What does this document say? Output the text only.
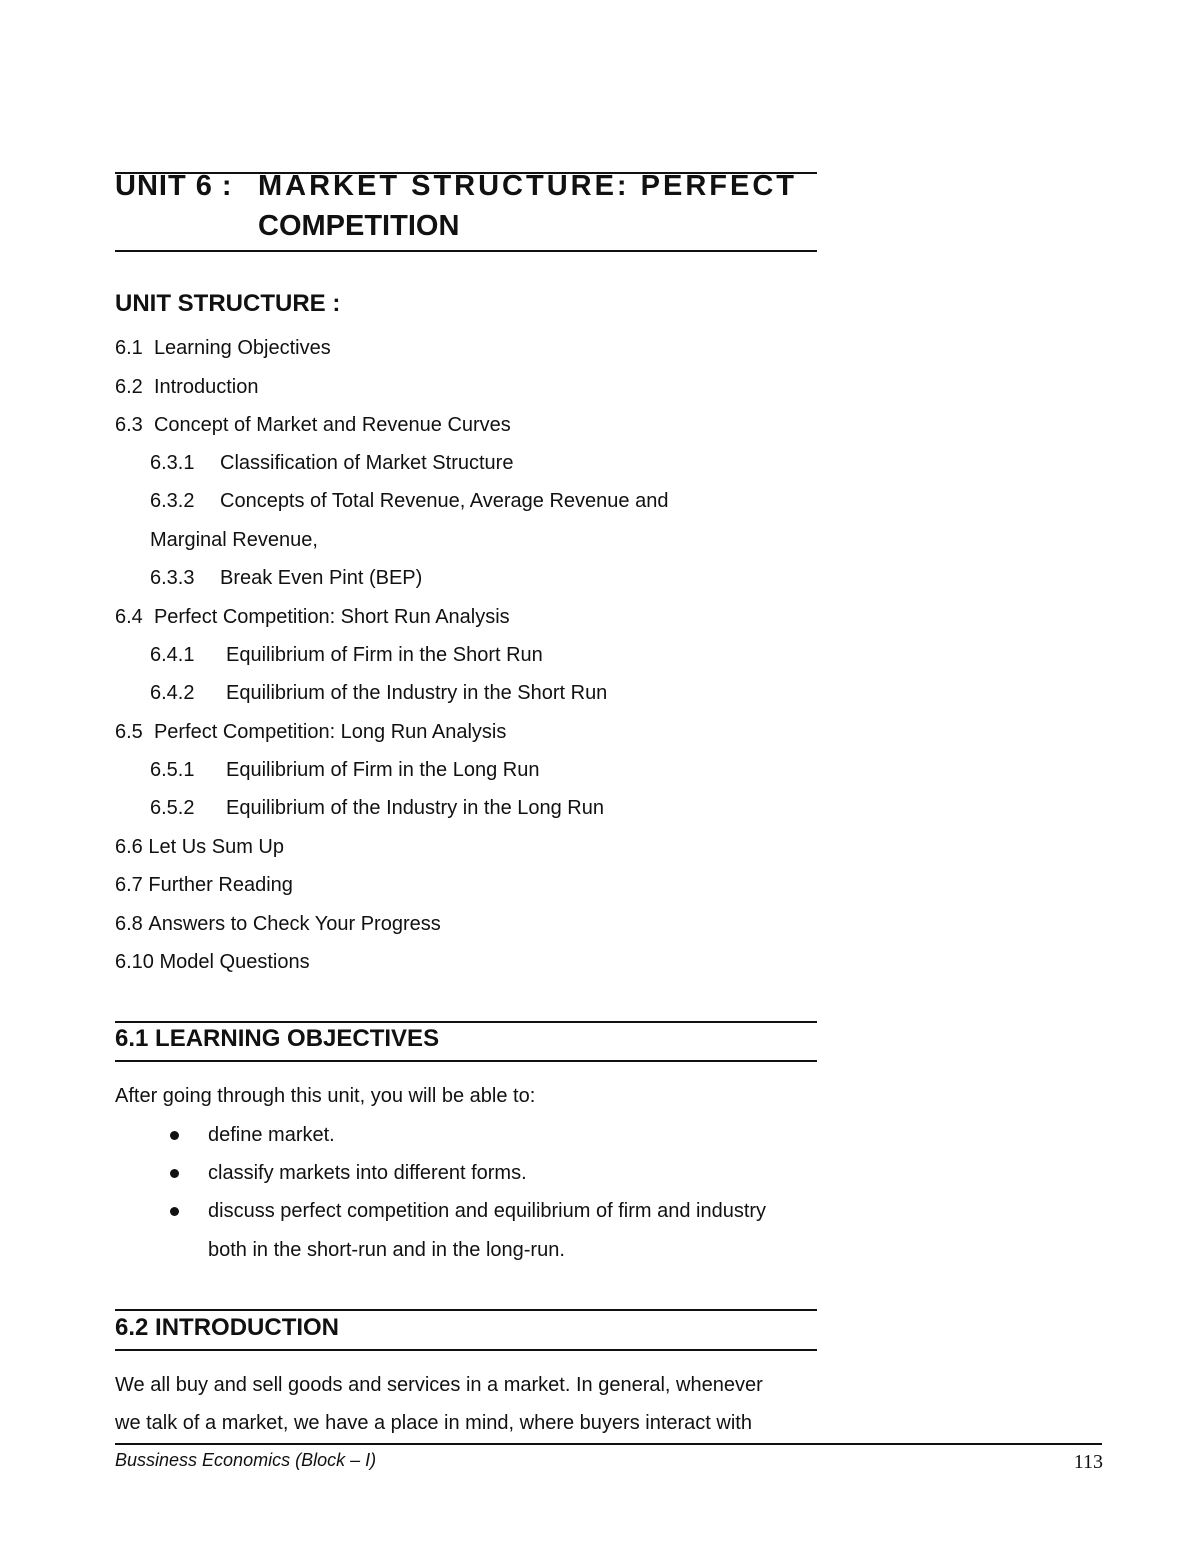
UNIT 6 : MARKET STRUCTURE: PERFECT
COMPETITION
UNIT STRUCTURE :
6.1 Learning Objectives
6.2 Introduction
6.3 Concept of Market and Revenue Curves
6.3.1 Classification of Market Structure
6.3.2 Concepts of Total Revenue, Average Revenue and
Marginal Revenue,
6.3.3 Break Even Pint (BEP)
6.4 Perfect Competition: Short Run Analysis
6.4.1 Equilibrium of Firm in the Short Run
6.4.2 Equilibrium of the Industry in the Short Run
6.5 Perfect Competition: Long Run Analysis
6.5.1 Equilibrium of Firm in the Long Run
6.5.2 Equilibrium of the Industry in the Long Run
6.6 Let Us Sum Up
6.7 Further Reading
6.8 Answers to Check Your Progress
6.10 Model Questions
6.1 LEARNING OBJECTIVES
After going through this unit, you will be able to:
define market.
classify markets into different forms.
discuss perfect competition and equilibrium of firm and industry
both in the short-run and in the long-run.
6.2 INTRODUCTION
We all buy and sell goods and services in a market. In general, whenever
we talk of a market, we have a place in mind, where buyers interact with
Bussiness Economics (Block – I)	113
